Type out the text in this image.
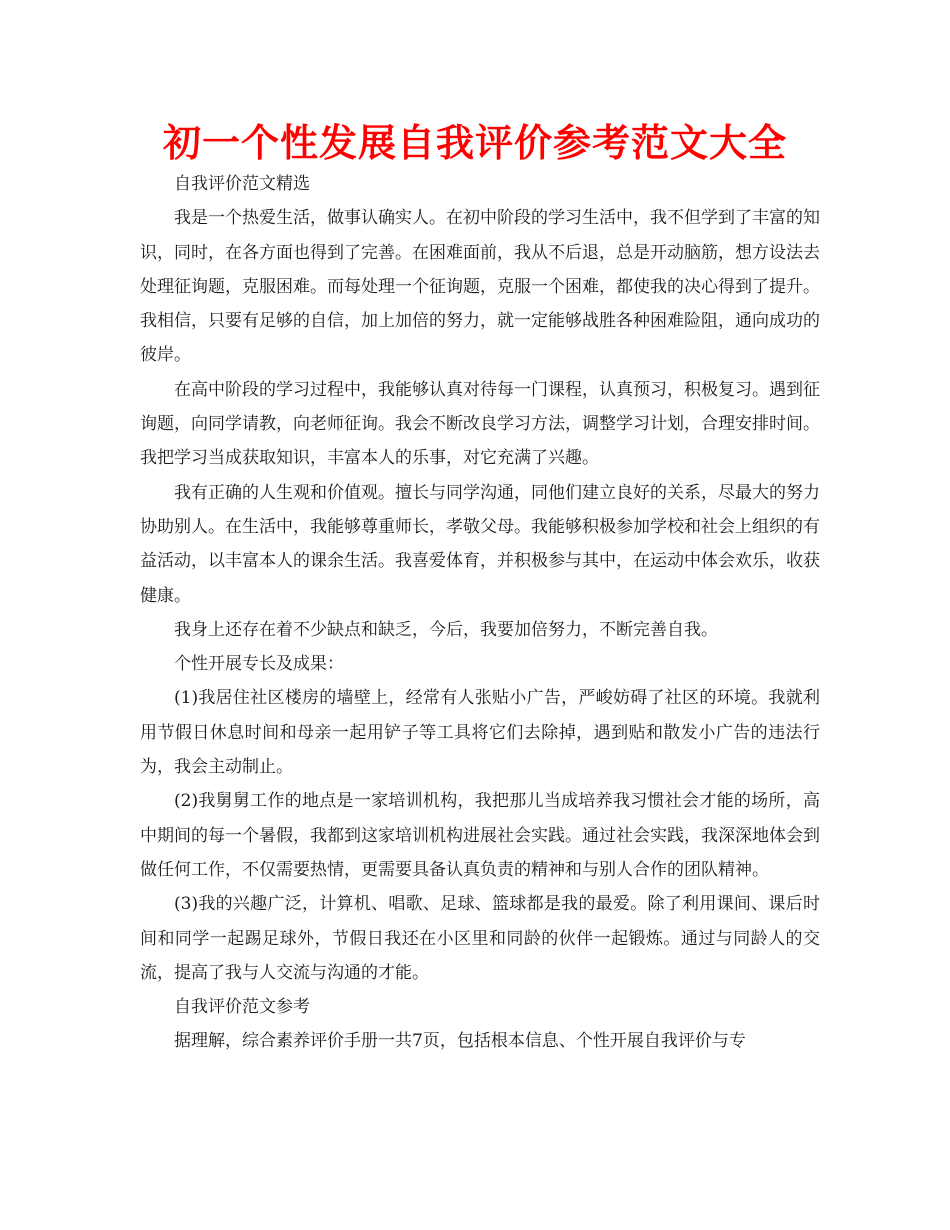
初一个性发展自我评价参考范文大全

自我评价范文精选

我是一个热爱生活，做事认确实人。在初中阶段的学习生活中，我不但学到了丰富的知识，同时，在各方面也得到了完善。在困难面前，我从不后退，总是开动脑筋，想方设法去处理征询题，克服困难。而每处理一个征询题，克服一个困难，都使我的决心得到了提升。我相信，只要有足够的自信，加上加倍的努力，就一定能够战胜各种困难险阻，通向成功的彼岸。

在高中阶段的学习过程中，我能够认真对待每一门课程，认真预习，积极复习。遇到征询题，向同学请教，向老师征询。我会不断改良学习方法，调整学习计划，合理安排时间。我把学习当成获取知识，丰富本人的乐事，对它充满了兴趣。

我有正确的人生观和价值观。擅长与同学沟通，同他们建立良好的关系，尽最大的努力协助别人。在生活中，我能够尊重师长，孝敬父母。我能够积极参加学校和社会上组织的有益活动，以丰富本人的课余生活。我喜爱体育，并积极参与其中，在运动中体会欢乐，收获健康。

我身上还存在着不少缺点和缺乏，今后，我要加倍努力，不断完善自我。

个性开展专长及成果：

(1)我居住社区楼房的墙壁上，经常有人张贴小广告，严峻妨碍了社区的环境。我就利用节假日休息时间和母亲一起用铲子等工具将它们去除掉，遇到贴和散发小广告的违法行为，我会主动制止。

(2)我舅舅工作的地点是一家培训机构，我把那儿当成培养我习惯社会才能的场所，高中期间的每一个暑假，我都到这家培训机构进展社会实践。通过社会实践，我深深地体会到做任何工作，不仅需要热情，更需要具备认真负责的精神和与别人合作的团队精神。

(3)我的兴趣广泛，计算机、唱歌、足球、篮球都是我的最爱。除了利用课间、课后时间和同学一起踢足球外，节假日我还在小区里和同龄的伙伴一起锻炼。通过与同龄人的交流，提高了我与人交流与沟通的才能。

自我评价范文参考

据理解，综合素养评价手册一共7页，包括根本信息、个性开展自我评价与专
